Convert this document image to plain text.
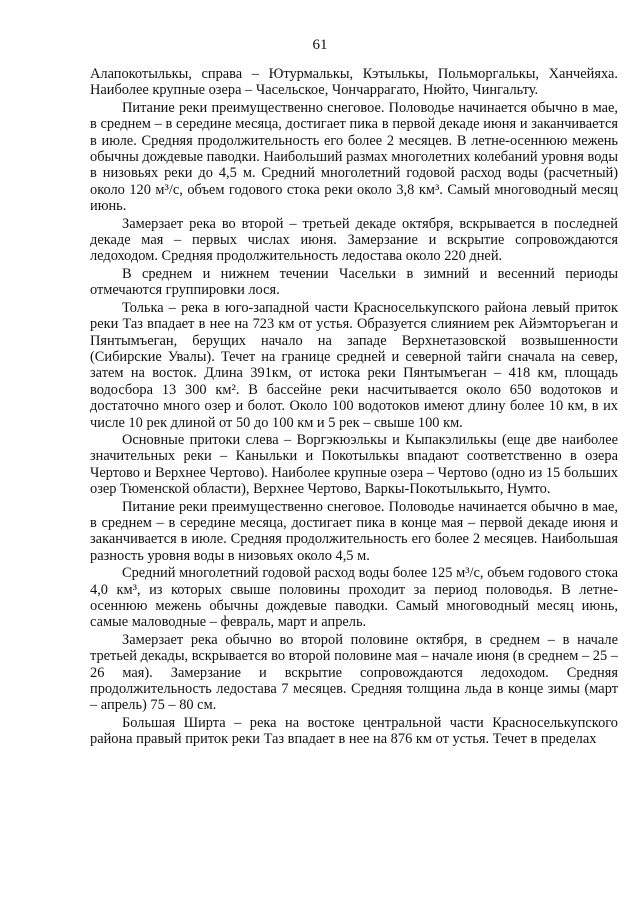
61

Алапокотылькы, справа – Ютурмалькы, Кэтылькы, Польморгалькы, Ханчейяха. Наиболее крупные озера – Часельское, Чончаррагато, Нюйто, Чингальту.

Питание реки преимущественно снеговое. Половодье начинается обычно в мае, в среднем – в середине месяца, достигает пика в первой декаде июня и заканчивается в июле. Средняя продолжительность его более 2 месяцев. В летне-осеннюю межень обычны дождевые паводки. Наибольший размах многолетних колебаний уровня воды в низовьях реки до 4,5 м. Средний многолетний годовой расход воды (расчетный) около 120 м³/с, объем годового стока реки около 3,8 км³. Самый многоводный месяц июнь.

Замерзает река во второй – третьей декаде октября, вскрывается в последней декаде мая – первых числах июня. Замерзание и вскрытие сопровождаются ледоходом. Средняя продолжительность ледостава около 220 дней.

В среднем и нижнем течении Часельки в зимний и весенний периоды отмечаются группировки лося.

Толька – река в юго-западной части Красноселькупского района левый приток реки Таз впадает в нее на 723 км от устья. Образуется слиянием рек Айэмторъеган и Пянтымъеган, берущих начало на западе Верхнетазовской возвышенности (Сибирские Увалы). Течет на границе средней и северной тайги сначала на север, затем на восток. Длина 391км, от истока реки Пянтымъеган – 418 км, площадь водосбора 13 300 км². В бассейне реки насчитывается около 650 водотоков и достаточно много озер и болот. Около 100 водотоков имеют длину более 10 км, в их числе 10 рек длиной от 50 до 100 км и 5 рек – свыше 100 км.

Основные притоки слева – Воргэкюэлькы и Кыпакэлилькы (еще две наиболее значительных реки – Каныльки и Покотылькы впадают соответственно в озера Чертово и Верхнее Чертово). Наиболее крупные озера – Чертово (одно из 15 больших озер Тюменской области), Верхнее Чертово, Варкы-Покотылькыто, Нумто.

Питание реки преимущественно снеговое. Половодье начинается обычно в мае, в среднем – в середине месяца, достигает пика в конце мая – первой декаде июня и заканчивается в июле. Средняя продолжительность его более 2 месяцев. Наибольшая разность уровня воды в низовьях около 4,5 м.

Средний многолетний годовой расход воды более 125 м³/с, объем годового стока 4,0 км³, из которых свыше половины проходит за период половодья. В летне-осеннюю межень обычны дождевые паводки. Самый многоводный месяц июнь, самые маловодные – февраль, март и апрель.

Замерзает река обычно во второй половине октября, в среднем – в начале третьей декады, вскрывается во второй половине мая – начале июня (в среднем – 25 – 26 мая). Замерзание и вскрытие сопровождаются ледоходом. Средняя продолжительность ледостава 7 месяцев. Средняя толщина льда в конце зимы (март – апрель) 75 – 80 см.

Большая Ширта – река на востоке центральной части Красноселькупского района правый приток реки Таз впадает в нее на 876 км от устья. Течет в пределах
